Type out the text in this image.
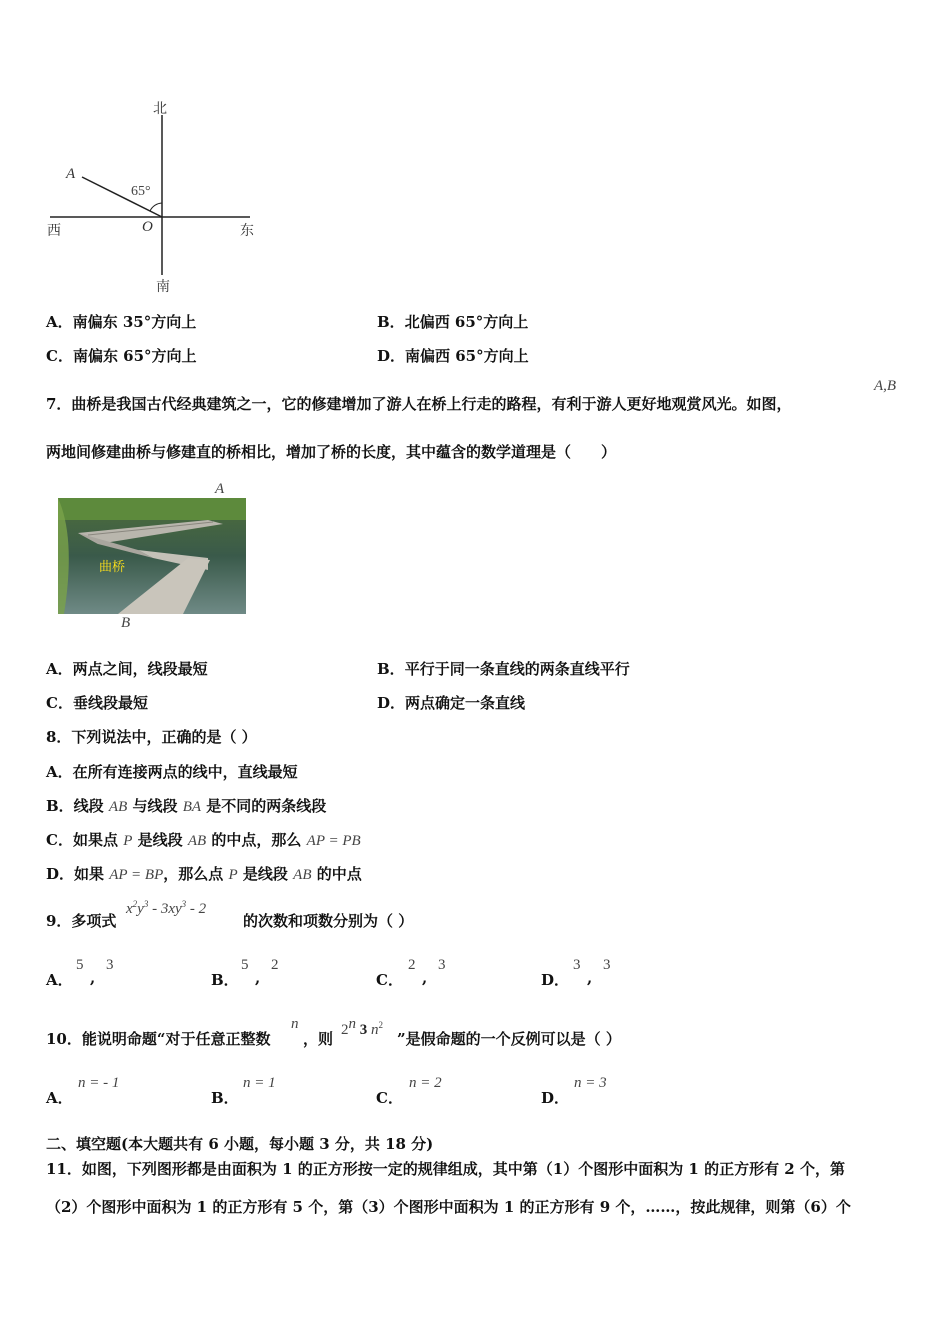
北
南
西	东
A
O
65°
A．南偏东 35°方向上	B．北偏西 65°方向上
C．南偏东 65°方向上	D．南偏西 65°方向上
7．曲桥是我国古代经典建筑之一，它的修建增加了游人在桥上行走的路程，有利于游人更好地观赏风光。如图，
A,B
两地间修建曲桥与修建直的桥相比，增加了桥的长度，其中蕴含的数学道理是（　　）
曲桥
A
B
A．两点之间，线段最短	B．平行于同一条直线的两条直线平行
C．垂线段最短	D．两点确定一条直线
8．下列说法中，正确的是（ ）
A．在所有连接两点的线中，直线最短
B．线段 AB 与线段 BA 是不同的两条线段
C．如果点 P 是线段 AB 的中点，那么 AP = PB
D．如果 AP = BP，那么点 P 是线段 AB 的中点
9．多项式
$x^2y^3 - 3xy^3 - 2$
的次数和项数分别为（ ）
A．
5
,
3
B．
5
,
2
C．
2
,
3
D．
3
,
3
10．能说明命题“对于任意正整数
n
，则 2$^n$ 3 $n^2$
”是假命题的一个反例可以是（ ）
A．
n = - 1
B．
n = 1
C．
n = 2
D．
n = 3
二、填空题(本大题共有 6 小题，每小题 3 分，共 18 分)
11．如图，下列图形都是由面积为 1 的正方形按一定的规律组成，其中第（1）个图形中面积为 1 的正方形有 2 个，第
（2）个图形中面积为 1 的正方形有 5 个，第（3）个图形中面积为 1 的正方形有 9 个，……，按此规律，则第（6）个
